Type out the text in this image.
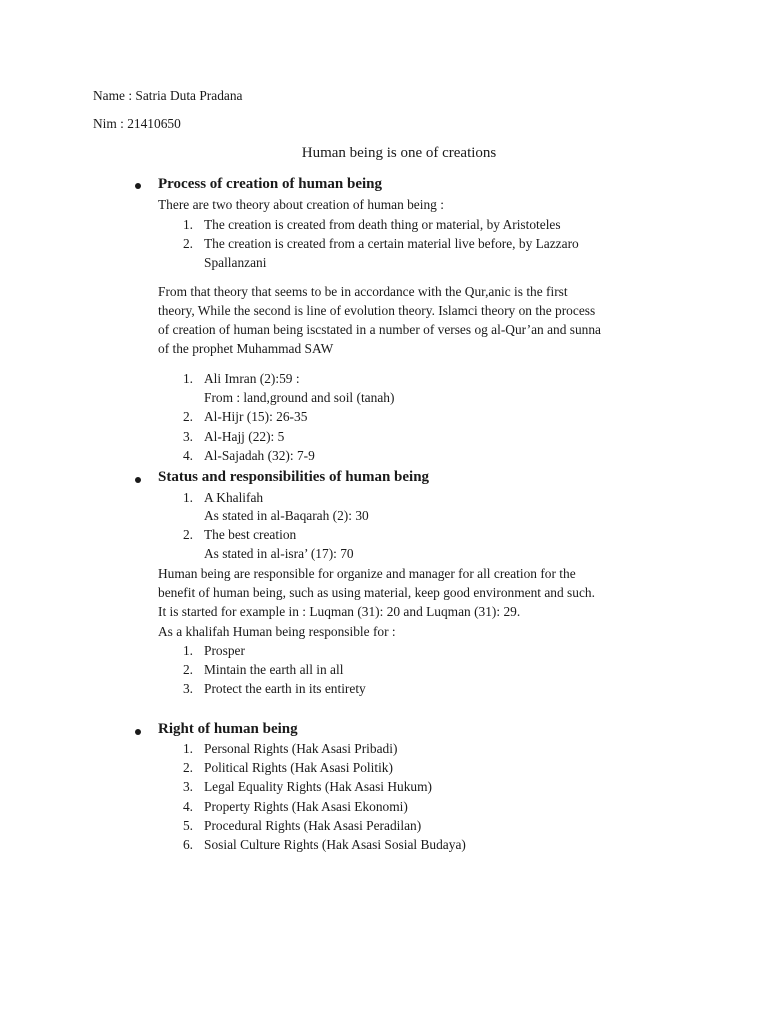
Name : Satria Duta Pradana
Nim : 21410650
Human being is one of creations
Process of creation of human being
There are two theory about creation of human being :
1. The creation is created from death thing or material, by Aristoteles
2. The creation is created from a certain material live before, by Lazzaro
Spallanzani
From that theory that seems to be in accordance with the Qur,anic is the first
theory, While the second is line of evolution theory. Islamci theory on the process
of creation of human being iscstated in a number of verses og al-Qur’an and sunna
of the prophet Muhammad SAW
1. Ali Imran (2):59 :
From : land,ground and soil (tanah)
2. Al-Hijr (15): 26-35
3. Al-Hajj (22): 5
4. Al-Sajadah (32): 7-9
Status and responsibilities of human being
1. A Khalifah
As stated in al-Baqarah (2): 30
2. The best creation
As stated in al-isra’ (17): 70
Human being are responsible for organize and manager for all creation for the
benefit of human being, such as using material, keep good environment and such.
It is started for example in : Luqman (31): 20 and Luqman (31): 29.
As a khalifah Human being responsible for :
1. Prosper
2. Mintain the earth all in all
3. Protect the earth in its entirety
Right of human being
1. Personal Rights (Hak Asasi Pribadi)
2. Political Rights (Hak Asasi Politik)
3. Legal Equality Rights (Hak Asasi Hukum)
4. Property Rights (Hak Asasi Ekonomi)
5. Procedural Rights (Hak Asasi Peradilan)
6. Sosial Culture Rights (Hak Asasi Sosial Budaya)
